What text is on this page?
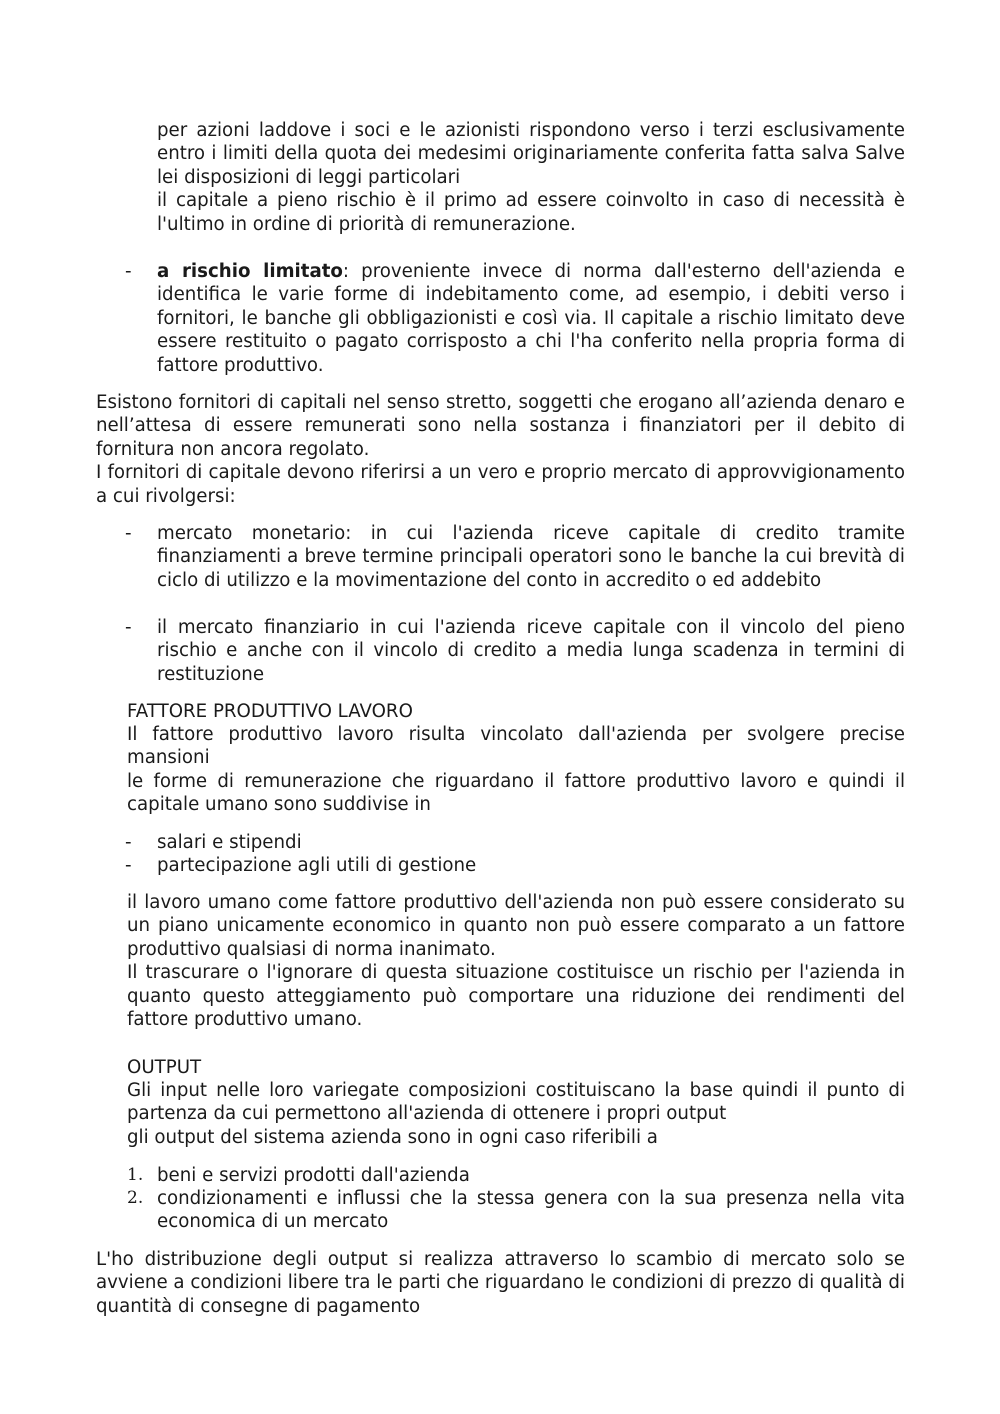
per azioni laddove i soci e le azionisti rispondono verso i terzi esclusivamente entro i limiti della quota dei medesimi originariamente conferita fatta salva Salve lei disposizioni di leggi particolari

il capitale a pieno rischio è il primo ad essere coinvolto in caso di necessità è l'ultimo in ordine di priorità di remunerazione.

- a rischio limitato: proveniente invece di norma dall'esterno dell'azienda e identifica le varie forme di indebitamento come, ad esempio, i debiti verso i fornitori, le banche gli obbligazionisti e così via. Il capitale a rischio limitato deve essere restituito o pagato corrisposto a chi l'ha conferito nella propria forma di fattore produttivo.

Esistono fornitori di capitali nel senso stretto, soggetti che erogano all’azienda denaro e nell’attesa di essere remunerati sono nella sostanza i finanziatori per il debito di fornitura non ancora regolato.

I fornitori di capitale devono riferirsi a un vero e proprio mercato di approvvigionamento a cui rivolgersi:

- mercato monetario: in cui l'azienda riceve capitale di credito tramite finanziamenti a breve termine principali operatori sono le banche la cui brevità di ciclo di utilizzo e la movimentazione del conto in accredito o ed addebito

- il mercato finanziario in cui l'azienda riceve capitale con il vincolo del pieno rischio e anche con il vincolo di credito a media lunga scadenza in termini di restituzione

FATTORE PRODUTTIVO LAVORO

Il fattore produttivo lavoro risulta vincolato dall'azienda per svolgere precise mansioni

le forme di remunerazione che riguardano il fattore produttivo lavoro e quindi il capitale umano sono suddivise in

- salari e stipendi
- partecipazione agli utili di gestione

il lavoro umano come fattore produttivo dell'azienda non può essere considerato su un piano unicamente economico in quanto non può essere comparato a un fattore produttivo qualsiasi di norma inanimato.

Il trascurare o l'ignorare di questa situazione costituisce un rischio per l'azienda in quanto questo atteggiamento può comportare una riduzione dei rendimenti del fattore produttivo umano.

OUTPUT

Gli input nelle loro variegate composizioni costituiscano la base quindi il punto di partenza da cui permettono all'azienda di ottenere i propri output

gli output del sistema azienda sono in ogni caso riferibili a

1. beni e servizi prodotti dall'azienda
2. condizionamenti e influssi che la stessa genera con la sua presenza nella vita economica di un mercato

L'ho distribuzione degli output si realizza attraverso lo scambio di mercato solo se avviene a condizioni libere tra le parti che riguardano le condizioni di prezzo di qualità di quantità di consegne di pagamento
